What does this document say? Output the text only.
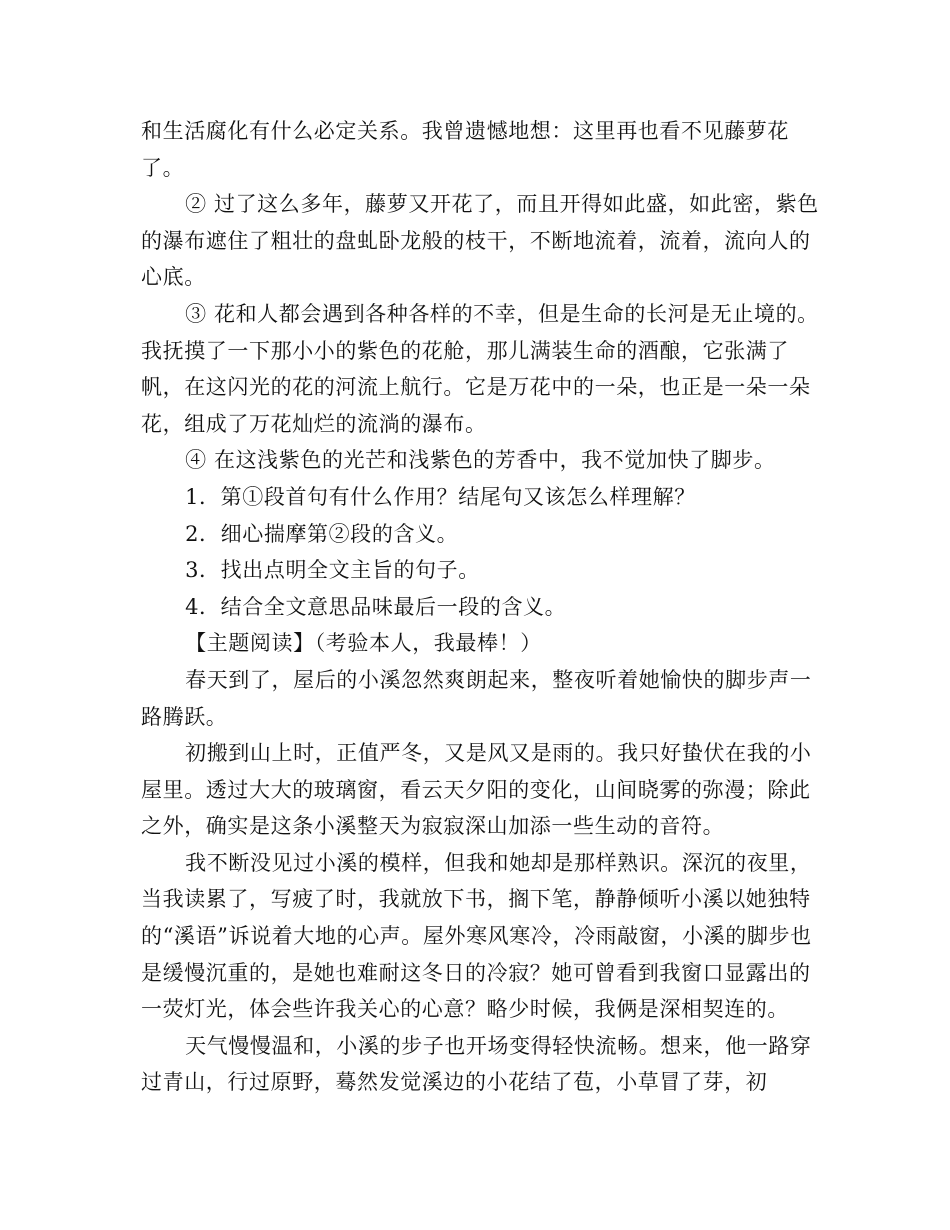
和生活腐化有什么必定关系。我曾遗憾地想：这里再也看不见藤萝花了。

② 过了这么多年，藤萝又开花了，而且开得如此盛，如此密，紫色的瀑布遮住了粗壮的盘虬卧龙般的枝干，不断地流着，流着，流向人的心底。

③ 花和人都会遇到各种各样的不幸，但是生命的长河是无止境的。我抚摸了一下那小小的紫色的花舱，那儿满装生命的酒酿，它张满了帆，在这闪光的花的河流上航行。它是万花中的一朵，也正是一朵一朵花，组成了万花灿烂的流淌的瀑布。

④ 在这浅紫色的光芒和浅紫色的芳香中，我不觉加快了脚步。

1．第①段首句有什么作用？结尾句又该怎么样理解？

2．细心揣摩第②段的含义。

3．找出点明全文主旨的句子。

4．结合全文意思品味最后一段的含义。

【主题阅读】（考验本人，我最棒！）

春天到了，屋后的小溪忽然爽朗起来，整夜听着她愉快的脚步声一路腾跃。

初搬到山上时，正值严冬，又是风又是雨的。我只好蛰伏在我的小屋里。透过大大的玻璃窗，看云天夕阳的变化，山间晓雾的弥漫；除此之外，确实是这条小溪整天为寂寂深山加添一些生动的音符。

我不断没见过小溪的模样，但我和她却是那样熟识。深沉的夜里，当我读累了，写疲了时，我就放下书，搁下笔，静静倾听小溪以她独特的“溪语”诉说着大地的心声。屋外寒风寒冷，冷雨敲窗，小溪的脚步也是缓慢沉重的，是她也难耐这冬日的冷寂？她可曾看到我窗口显露出的一荧灯光，体会些许我关心的心意？略少时候，我俩是深相契连的。

天气慢慢温和，小溪的步子也开场变得轻快流畅。想来，他一路穿过青山，行过原野，蓦然发觉溪边的小花结了苞，小草冒了芽，初
